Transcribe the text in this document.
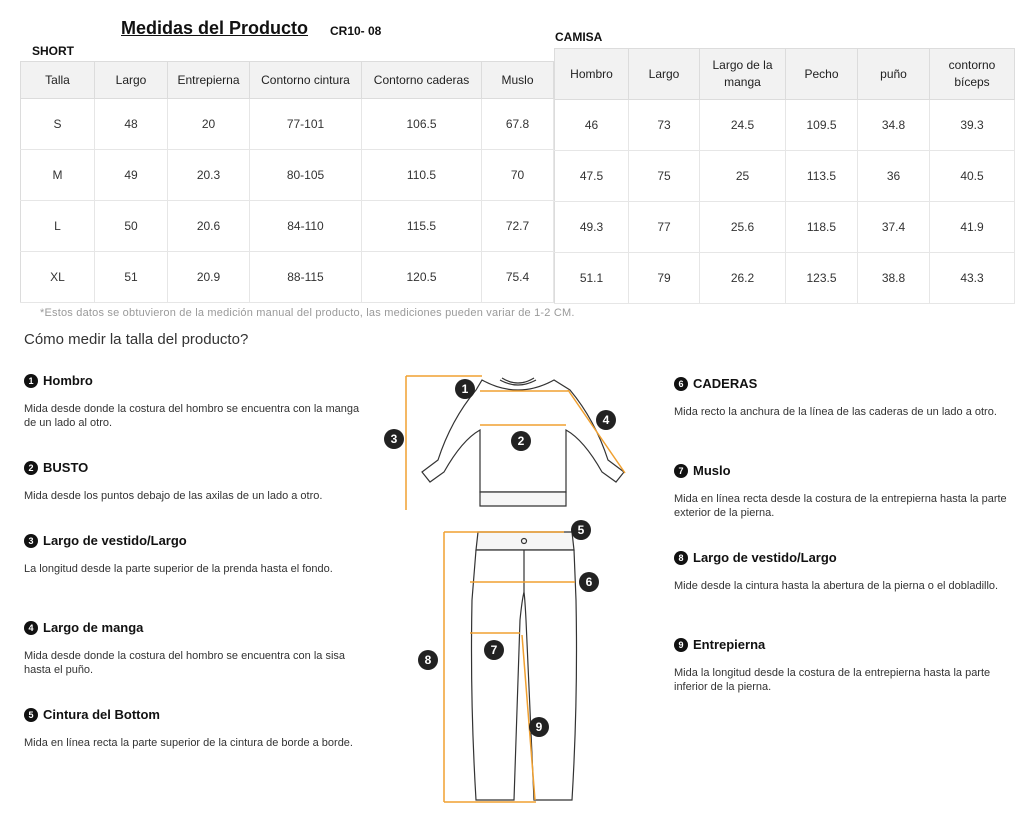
Medidas del Producto CR10- 08
SHORT
CAMISA
Talla	Largo	Entrepierna	Contorno cintura	Contorno caderas	Muslo
S	48	20	77-101	106.5	67.8
M	49	20.3	80-105	110.5	70
L	50	20.6	84-110	115.5	72.7
XL	51	20.9	88-115	120.5	75.4
Hombro	Largo	Largo de la manga	Pecho	puño	contorno bíceps
46	73	24.5	109.5	34.8	39.3
47.5	75	25	113.5	36	40.5
49.3	77	25.6	118.5	37.4	41.9
51.1	79	26.2	123.5	38.8	43.3
*Estos datos se obtuvieron de la medición manual del producto, las mediciones pueden variar de 1-2 CM.
Cómo medir la talla del producto?
1 Hombro
Mida desde donde la costura del hombro se encuentra con la manga de un lado al otro.
2 BUSTO
Mida desde los puntos debajo de las axilas de un lado a otro.
3 Largo de vestido/Largo
La longitud desde la parte superior de la prenda hasta el fondo.
4 Largo de manga
Mida desde donde la costura del hombro se encuentra con la sisa hasta el puño.
5 Cintura del Bottom
Mida en línea recta la parte superior de la cintura de borde a borde.
6 CADERAS
Mida recto la anchura de la línea de las caderas de un lado a otro.
7 Muslo
Mida en línea recta desde la costura de la entrepierna hasta la parte exterior de la pierna.
8 Largo de vestido/Largo
Mide desde la cintura hasta la abertura de la pierna o el dobladillo.
9 Entrepierna
Mida la longitud desde la costura de la entrepierna hasta la parte inferior de la pierna.
1
2
3
4
5
6
7
8
9
